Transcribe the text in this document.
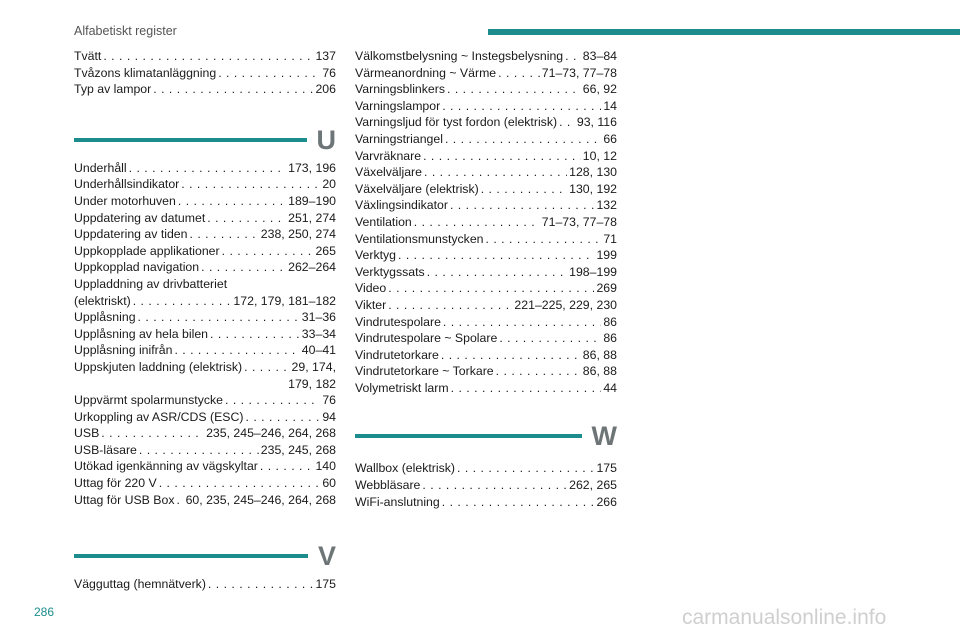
Alfabetiskt register
Tvätt . . .	137
Tvåzons klimatanläggning . . .	76
Typ av lampor . . .	206
U
Underhåll . . .	173, 196
Underhållsindikator . . .	20
Under motorhuven . . .	189–190
Uppdatering av datumet . . .	251, 274
Uppdatering av tiden . . .	238, 250, 274
Uppkopplade applikationer . . .	265
Uppkopplad navigation . . .	262–264
Uppladdning av drivbatteriet
(elektriskt) . . .	172, 179, 181–182
Upplåsning . . .	31–36
Upplåsning av hela bilen . . .	33–34
Upplåsning inifrån . . .	40–41
Uppskjuten laddning (elektrisk) . . .	29, 174,
179, 182
Uppvärmt spolarmunstycke . . .	76
Urkoppling av ASR/CDS (ESC) . . .	94
USB . . .	235, 245–246, 264, 268
USB-läsare . . .	235, 245, 268
Utökad igenkänning av vägskyltar . . .	140
Uttag för 220 V . . .	60
Uttag för USB Box . . . 60, 235, 245–246, 264, 268
V
Vägguttag (hemnätverk) . . .	175
Välkomstbelysning ~ Instegsbelysning . . . 83–84
Värmeanordning ~ Värme . . .	71–73, 77–78
Varningsblinkers . . .	66, 92
Varningslampor . . .	14
Varningsljud för tyst fordon (elektrisk) . . . 93, 116
Varningstriangel . . .	66
Varvräknare . . .	10, 12
Växelväljare . . .	128, 130
Växelväljare (elektrisk) . . .	130, 192
Växlingsindikator . . .	132
Ventilation . . .	71–73, 77–78
Ventilationsmunstycken . . .	71
Verktyg . . .	199
Verktygssats . . .	198–199
Video . . .	269
Vikter . . .	221–225, 229, 230
Vindrutespolare . . .	86
Vindrutespolare ~ Spolare . . .	86
Vindrutetorkare . . .	86, 88
Vindrutetorkare ~ Torkare . . .	86, 88
Volymetriskt larm . . .	44
W
Wallbox (elektrisk) . . .	175
Webbläsare . . .	262, 265
WiFi-anslutning . . .	266
286	carmanualsonline.info
